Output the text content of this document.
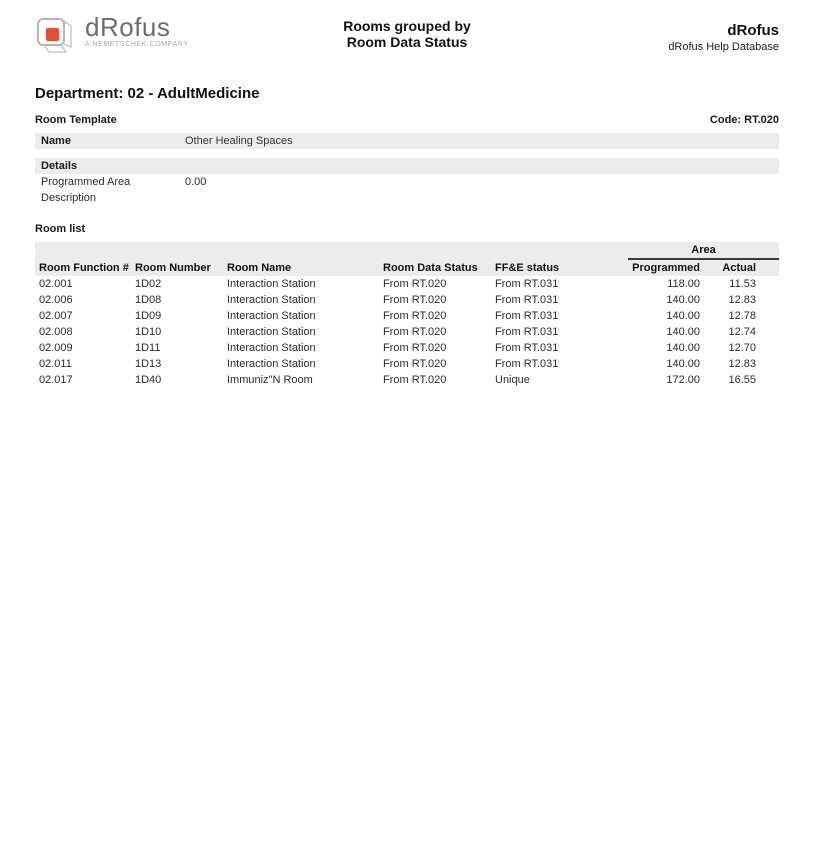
dRofus
A NEMETSCHEK COMPANY
Rooms grouped by
Room Data Status
dRofus
dRofus Help Database
Department: 02 - AdultMedicine
Room Template	Code: RT.020
Name	Other Healing Spaces
Details
Programmed Area	0.00
Description
Room list
					Area	
Room Function #	Room Number	Room Name	Room Data Status	FF&E status	Programmed	Actual
02.001	1D02	Interaction Station	From RT.020	From RT.031	118.00	11.53
02.006	1D08	Interaction Station	From RT.020	From RT.031	140.00	12.83
02.007	1D09	Interaction Station	From RT.020	From RT.031	140.00	12.78
02.008	1D10	Interaction Station	From RT.020	From RT.031	140.00	12.74
02.009	1D11	Interaction Station	From RT.020	From RT.031	140.00	12.70
02.011	1D13	Interaction Station	From RT.020	From RT.031	140.00	12.83
02.017	1D40	Immuniz"N Room	From RT.020	Unique	172.00	16.55
